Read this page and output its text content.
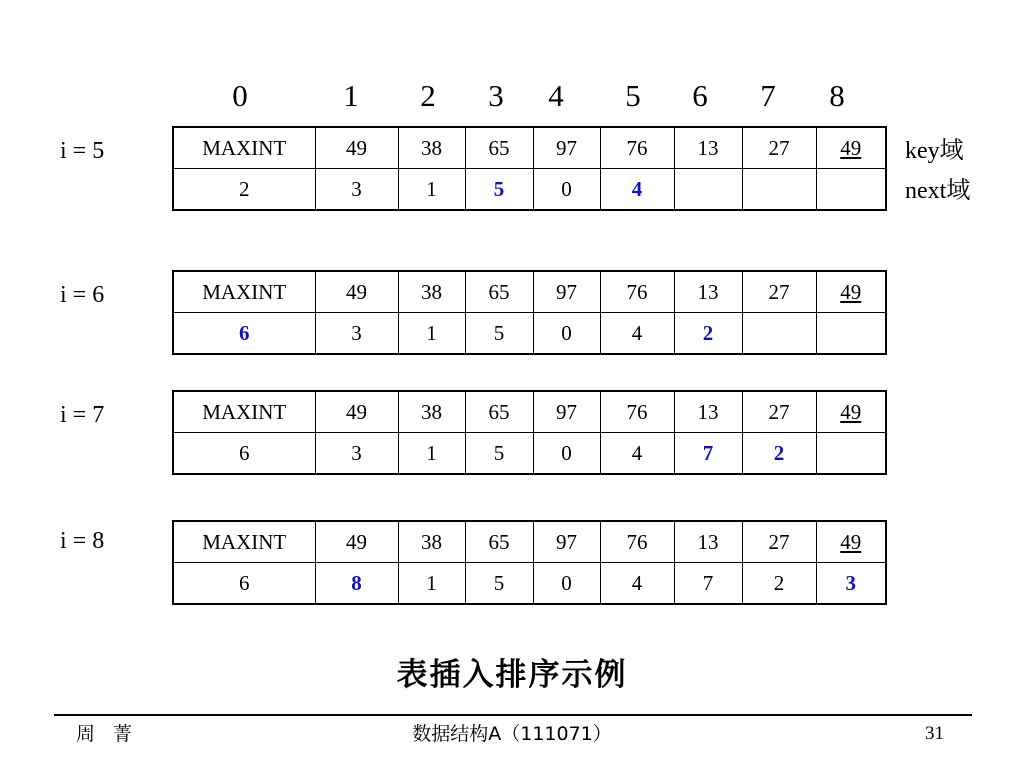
0	1	2	3	4	5	6	7	8
i = 5
i = 6
i = 7
i = 8
MAXINT	49	38	65	97	76	13	27	49
2	3	1	5	0	4			
MAXINT	49	38	65	97	76	13	27	49
6	3	1	5	0	4	2		
MAXINT	49	38	65	97	76	13	27	49
6	3	1	5	0	4	7	2	
MAXINT	49	38	65	97	76	13	27	49
6	8	1	5	0	4	7	2	3
key域
next域
表插入排序示例
周 菁	数据结构A（111071）	31
